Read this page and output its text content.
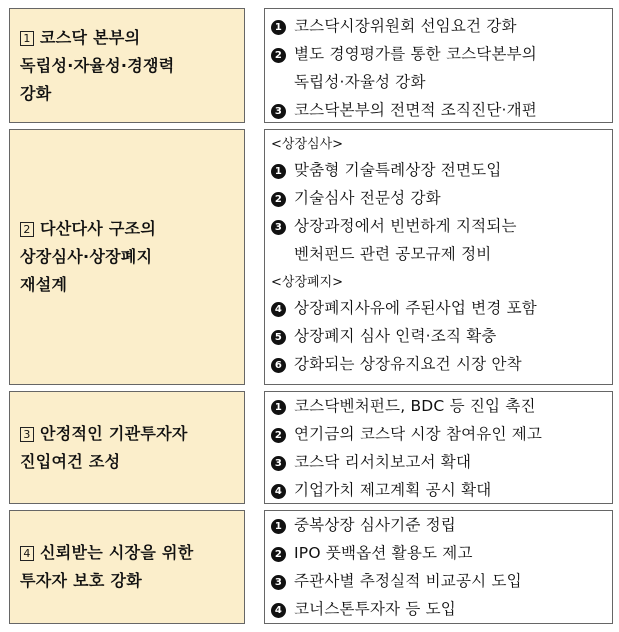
1 코스닥 본부의
독립성·자율성·경쟁력
강화
1 코스닥시장위원회 선임요건 강화
2 별도 경영평가를 통한 코스닥본부의
독립성·자율성 강화
3 코스닥본부의 전면적 조직진단·개편
2 다산다사 구조의
상장심사·상장폐지
재설계
<상장심사>
1 맞춤형 기술특례상장 전면도입
2 기술심사 전문성 강화
3 상장과정에서 빈번하게 지적되는
벤처펀드 관련 공모규제 정비
<상장폐지>
4 상장폐지사유에 주된사업 변경 포함
5 상장폐지 심사 인력·조직 확충
6 강화되는 상장유지요건 시장 안착
3 안정적인 기관투자자
진입여건 조성
1 코스닥벤처펀드, BDC 등 진입 촉진
2 연기금의 코스닥 시장 참여유인 제고
3 코스닥 리서치보고서 확대
4 기업가치 제고계획 공시 확대
4 신뢰받는 시장을 위한
투자자 보호 강화
1 중복상장 심사기준 정립
2 IPO 풋백옵션 활용도 제고
3 주관사별 추정실적 비교공시 도입
4 코너스톤투자자 등 도입
